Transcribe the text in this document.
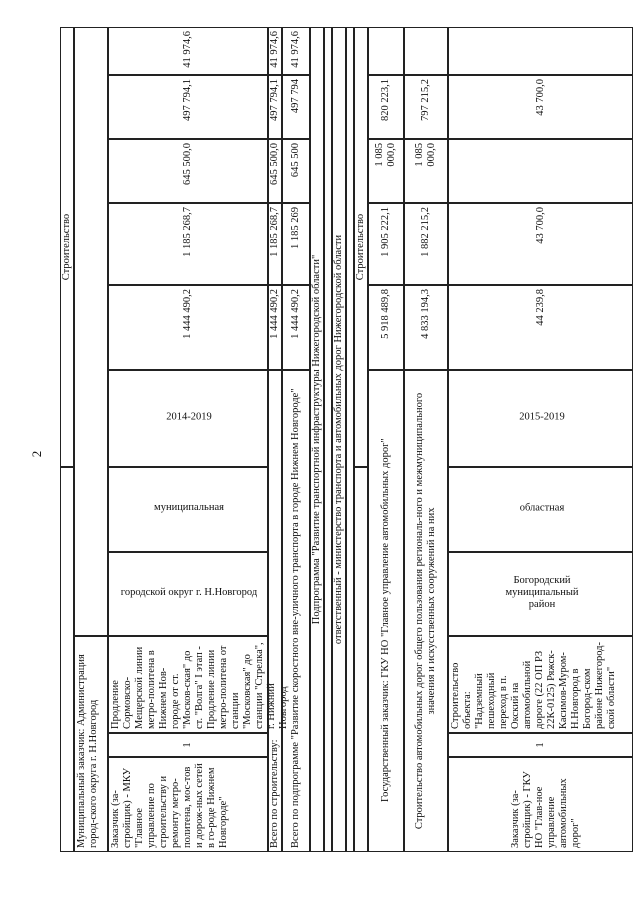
2
Строительство
Муниципальный заказчик: Администрация город-ского округа г. Н.Новгород Заказчик (за-стройщик) - МКУ "Главное управление по строительству и ремонту метро-политена, мос-тов и дорож-ных сетей в го-роде Нижнем Новгороде"
1
Продление Сормовско-Мещерской линии метро-политена в Нижнем Нов-городе от ст. "Москов-ская" до ст. "Волга" I этап - Продление линии метро-политена от станции "Московская" до станции "Стрелка", г. Нижний Новгород
городской округ г. Н.Новгород
муниципальная
2014-2019
1 444 490,2
1 185 268,7
645 500,0
497 794,1
41 974,6
Всего по строительству:
1 444 490,2
1 185 268,7
645 500,0
497 794,1
41 974,6
Всего по подпрограмме "Развитие скоростного вне-уличного транспорта в городе Нижнем Новгороде"
1 444 490,2
1 185 269
645 500
497 794
41 974,6
Подпрограмма "Развитие транспортной инфраструктуры Нижегородской области" ответственный - министерство транспорта и автомобильных дорог Нижегородской области Строительство
Государственный заказчик: ГКУ НО "Главное управление автомобильных дорог"
5 918 489,8
1 905 222,1
1 085
000,0
820 223,1
Строительство автомобильных дорог общего пользования региональ-ного и межмуниципального значения и искусственных сооружений на них
4 833 194,3
1 882 215,2
1 085
000,0
797 215,2
Заказчик (за-стройщик) - ГКУ НО "Глав-ное управление автомобильных дорог"
1
Строительство объекта: "Надземный пешеходный переход в п. Окский на автомобильной дороге (22 ОП РЗ 22К-0125) Ряжск-Касимов-Муром-Н.Новгород в Богород-ском районе Нижегород-ской области"
Богородский муниципальный район
областная
2015-2019
44 239,8
43 700,0
43 700,0
